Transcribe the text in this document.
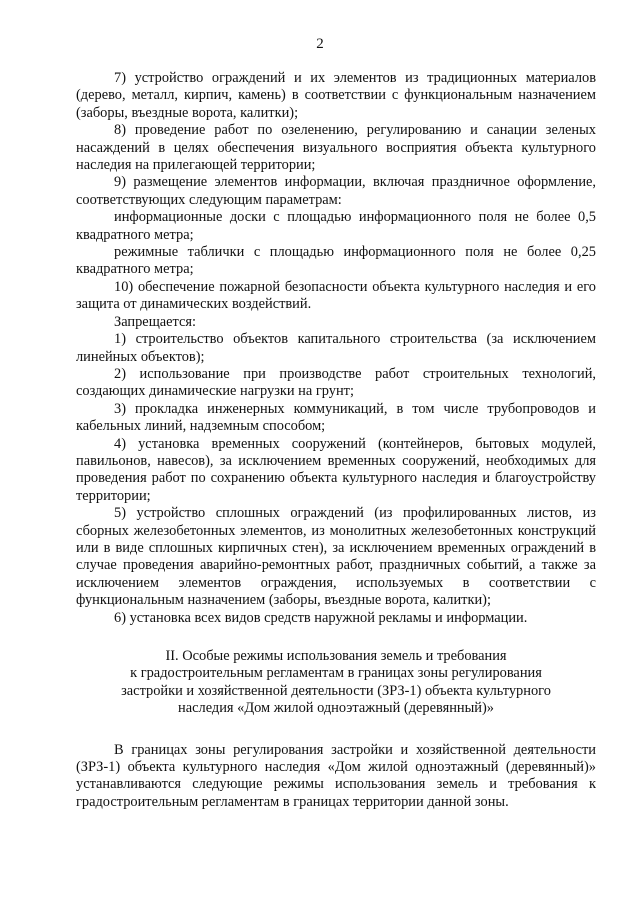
2

7) устройство ограждений и их элементов из традиционных материалов (дерево, металл, кирпич, камень) в соответствии с функциональным назначением (заборы, въездные ворота, калитки);

8) проведение работ по озеленению, регулированию и санации зеленых насаждений в целях обеспечения визуального восприятия объекта культурного наследия на прилегающей территории;

9) размещение элементов информации, включая праздничное оформление, соответствующих следующим параметрам:

информационные доски с площадью информационного поля не более 0,5 квадратного метра;

режимные таблички с площадью информационного поля не более 0,25 квадратного метра;

10) обеспечение пожарной безопасности объекта культурного наследия и его защита от динамических воздействий.

Запрещается:

1) строительство объектов капитального строительства (за исключением линейных объектов);

2) использование при производстве работ строительных технологий, создающих динамические нагрузки на грунт;

3) прокладка инженерных коммуникаций, в том числе трубопроводов и кабельных линий, надземным способом;

4) установка временных сооружений (контейнеров, бытовых модулей, павильонов, навесов), за исключением временных сооружений, необходимых для проведения работ по сохранению объекта культурного наследия и благоустройству территории;

5) устройство сплошных ограждений (из профилированных листов, из сборных железобетонных элементов, из монолитных железобетонных конструкций или в виде сплошных кирпичных стен), за исключением временных ограждений в случае проведения аварийно-ремонтных работ, праздничных событий, а также за исключением элементов ограждения, используемых в соответствии с функциональным назначением (заборы, въездные ворота, калитки);

6) установка всех видов средств наружной рекламы и информации.

II. Особые режимы использования земель и требования
к градостроительным регламентам в границах зоны регулирования
застройки и хозяйственной деятельности (ЗРЗ-1) объекта культурного
наследия «Дом жилой одноэтажный (деревянный)»

В границах зоны регулирования застройки и хозяйственной деятельности (ЗРЗ-1) объекта культурного наследия «Дом жилой одноэтажный (деревянный)» устанавливаются следующие режимы использования земель и требования к градостроительным регламентам в границах территории данной зоны.
